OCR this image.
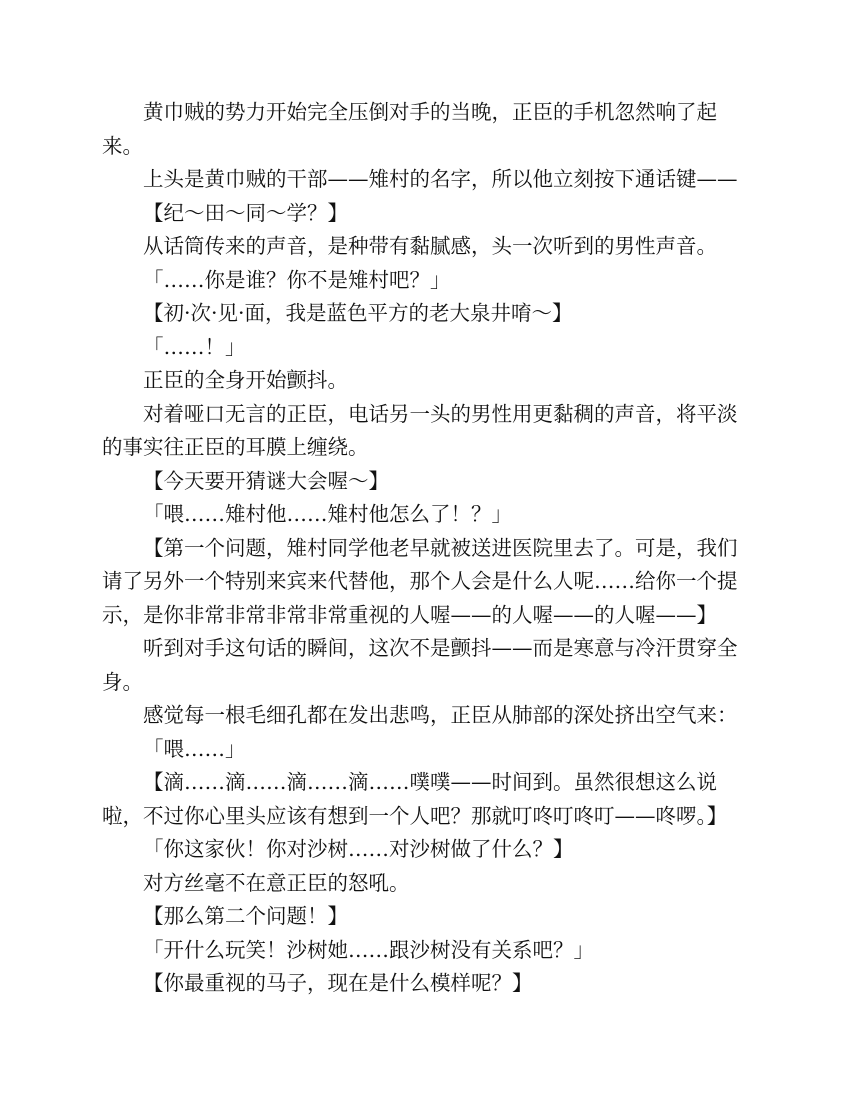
黄巾贼的势力开始完全压倒对手的当晚，正臣的手机忽然响了起来。

上头是黄巾贼的干部——雉村的名字，所以他立刻按下通话键——

【纪～田～同～学？】

从话筒传来的声音，是种带有黏腻感，头一次听到的男性声音。

「……你是谁？你不是雉村吧？」

【初·次·见·面，我是蓝色平方的老大泉井唷～】

「……！」

正臣的全身开始颤抖。

对着哑口无言的正臣，电话另一头的男性用更黏稠的声音，将平淡的事实往正臣的耳膜上缠绕。

【今天要开猜谜大会喔～】

「喂……雉村他……雉村他怎么了！？」

【第一个问题，雉村同学他老早就被送进医院里去了。可是，我们请了另外一个特别来宾来代替他，那个人会是什么人呢……给你一个提示，是你非常非常非常非常重视的人喔——的人喔——的人喔——】

听到对手这句话的瞬间，这次不是颤抖——而是寒意与冷汗贯穿全身。

感觉每一根毛细孔都在发出悲鸣，正臣从肺部的深处挤出空气来：

「喂……」

【滴……滴……滴……滴……噗噗——时间到。虽然很想这么说啦，不过你心里头应该有想到一个人吧？那就叮咚叮咚叮——咚啰。】

「你这家伙！你对沙树……对沙树做了什么？】

对方丝毫不在意正臣的怒吼。

【那么第二个问题！】

「开什么玩笑！沙树她……跟沙树没有关系吧？」

【你最重视的马子，现在是什么模样呢？】
